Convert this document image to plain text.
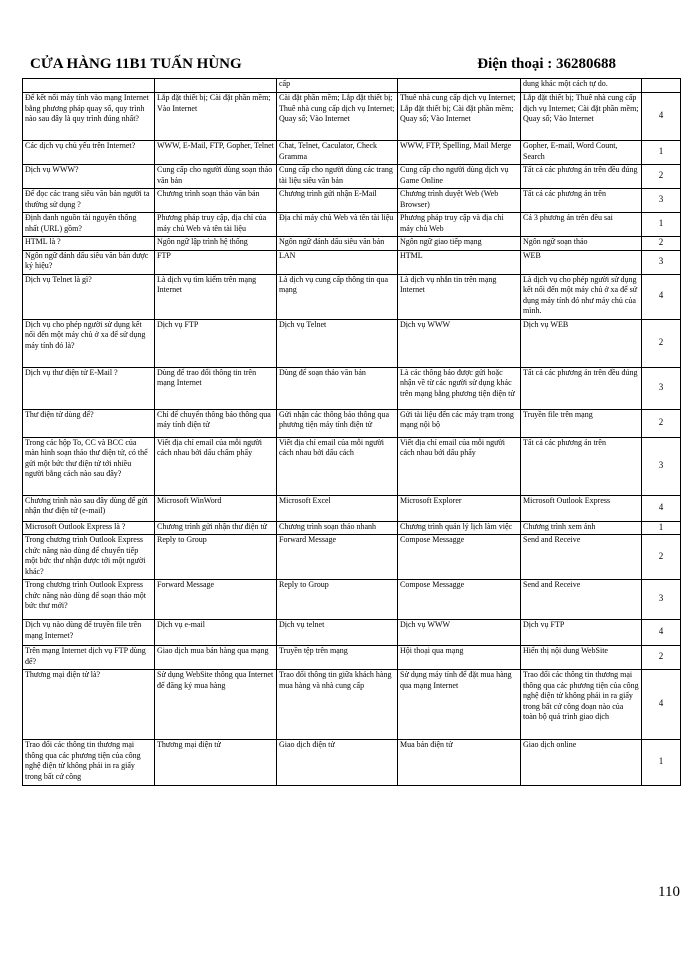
CỬA HÀNG 11B1 TUẤN HÙNG	Điện thoại : 36280688
		cấp		dung khác một cách tự do.	
Để kết nối máy tính vào mạng Internet bằng phương pháp quay số, quy trình nào sau đây là quy trình đúng nhất?	Lắp đặt thiết bị; Cài đặt phần mềm; Vào Internet	Cài đặt phần mềm; Lắp đặt thiết bị; Thuê nhà cung cấp dịch vụ Internet; Quay số; Vào Internet	Thuê nhà cung cấp dịch vụ Internet; Lắp đặt thiết bị; Cài đặt phần mềm; Quay số; Vào Internet	Lắp đặt thiết bị; Thuê nhà cung cấp dịch vụ Internet; Cài đặt phần mềm; Quay số; Vào Internet	4
Các dịch vụ chủ yếu trên Internet?	WWW, E-Mail, FTP, Gopher, Telnet	Chat, Telnet, Caculator, Check Gramma	WWW, FTP, Spelling, Mail Merge	Gopher, E-mail, Word Count, Search	1
Dịch vụ WWW?	Cung cấp cho người dùng soạn thảo văn bản	Cung cấp cho người dùng các trang tài liệu siêu văn bản	Cung cấp cho người dùng dịch vụ Game Online	Tất cả các phương án trên đều đúng	2
Để đọc các trang siêu văn bản người ta thường sử dụng ?	Chương trình soạn thảo văn bản	Chương trình gửi nhận E-Mail	Chương trình duyệt Web (Web Browser)	Tất cả các phương án trên	3
Định danh nguồn tài nguyên thống nhất (URL) gồm?	Phương pháp truy cập, địa chỉ của máy chủ Web và tên tài liệu	Địa chỉ máy chủ Web và tên tài liệu	Phương pháp truy cập và địa chỉ máy chủ Web	Cả 3 phương án trên đều sai	1
HTML là ?	Ngôn ngữ lập trình hệ thống	Ngôn ngữ đánh dấu siêu văn bản	Ngôn ngữ giao tiếp mạng	Ngôn ngữ soạn thảo	2
Ngôn ngữ đánh dấu siêu văn bản được ký hiệu?	FTP	LAN	HTML	WEB	3
Dịch vụ Telnet là gì?	Là dịch vụ tìm kiếm trên mạng Internet	Là dịch vụ cung cấp thông tin qua mạng	Là dịch vụ nhắn tin trên mạng Internet	Là dịch vụ cho phép người sử dụng kết nối đến một máy chủ ở xa để sử dụng máy tính đó như máy chủ của mình.	4
Dịch vụ cho phép người sử dụng kết nối đến một máy chủ ở xa để sử dụng máy tính đó là?	Dịch vụ FTP	Dịch vụ Telnet	Dịch vụ WWW	Dịch vụ WEB	2
Dịch vụ thư điện tử E-Mail ?	Dùng để trao đổi thông tin trên mạng Internet	Dùng để soạn thảo văn bản	Là các thông báo được gửi hoặc nhận về từ các người sử dụng khác trên mạng bằng phương tiện điện tử	Tất cả các phương án trên đều đúng	3
Thư điện tử dùng để?	Chỉ để chuyển thông báo thông qua máy tính điện tử	Gửi nhận các thông báo thông qua phương tiện máy tính điện tử	Gửi tài liệu đến các máy trạm trong mạng nội bộ	Truyền file trên mạng	2
Trong các hộp To, CC và BCC của màn hình soạn thảo thư điện tử, có thể gửi một bức thư điện tử tới nhiều người bằng cách nào sau đây?	Viết địa chỉ email của mỗi người cách nhau bởi dấu chấm phẩy	Viết địa chỉ email của mỗi người cách nhau bởi dấu cách	Viết địa chỉ email của mỗi người cách nhau bởi dấu phẩy	Tất cả các phương án trên	3
Chương trình nào sau đây dùng để gửi nhận thư điện tử (e-mail)	Microsoft WinWord	Microsoft Excel	Microsoft Explorer	Microsoft Outlook Express	4
Microsoft Outlook Express là ?	Chương trình gửi nhận thư điện tử	Chương trình soạn thảo nhanh	Chương trình quản lý lịch làm việc	Chương trình xem ảnh	1
Trong chương trình Outlook Express chức năng nào dùng để chuyển tiếp một bức thư nhận được tới một người khác?	Reply to Group	Forward Message	Compose Messagge	Send and Receive	2
Trong chương trình Outlook Express chức năng nào dùng để soạn thảo một bức thư mới?	Forward Message	Reply to Group	Compose Messagge	Send and Receive	3
Dịch vụ nào dùng để truyền file trên mạng Internet?	Dịch vụ e-mail	Dịch vụ telnet	Dịch vụ WWW	Dịch vụ FTP	4
Trên mạng Internet dịch vụ FTP dùng để?	Giao dịch mua bán hàng qua mạng	Truyền tệp trên mạng	Hội thoại qua mạng	Hiển thị nội dung WebSite	2
Thương mại điện tử là?	Sử dụng WebSite thông qua Internet để đăng ký mua hàng	Trao đổi thông tin giữa khách hàng mua hàng và nhà cung cấp	Sử dụng máy tính để đặt mua hàng qua mạng Internet	Trao đổi các thông tin thương mại thông qua các phương tiện của công nghệ điện tử không phải in ra giấy trong bất cứ công đoạn nào của toàn bộ quá trình giao dịch	4
Trao đổi các thông tin thương mại thông qua các phương tiện của công nghệ điện tử không phải in ra giấy trong bất cứ công	Thương mại điện tử	Giao dịch điện tử	Mua bán điện tử	Giao dịch online	1
110
